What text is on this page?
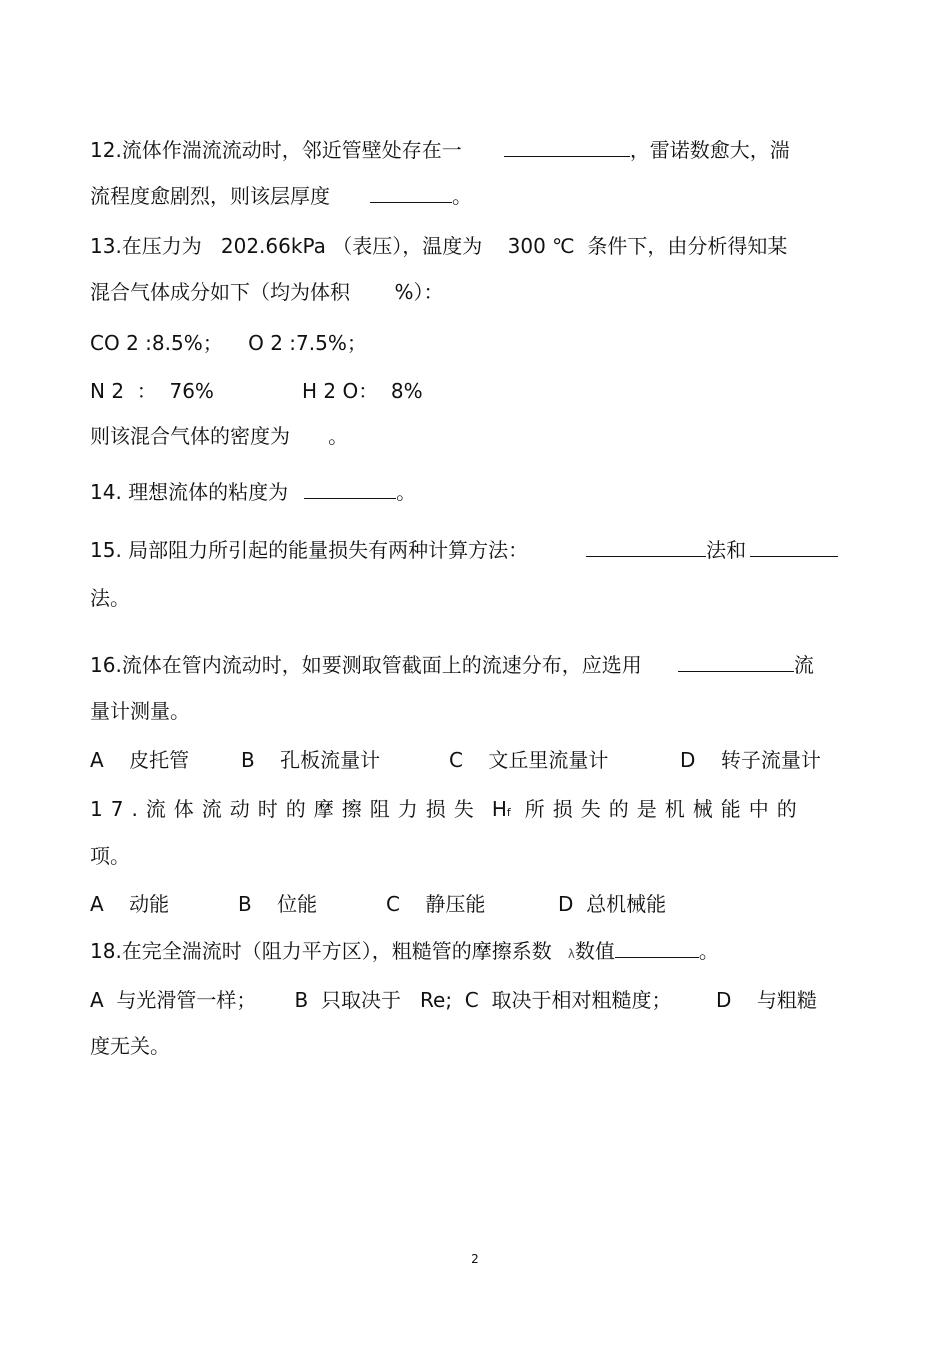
12.流体作湍流流动时，邻近管壁处存在一	，雷诺数愈大，湍
流程度愈剧烈，则该层厚度	。
13.在压力为   202.66kPa （表压），温度为    300 ℃  条件下，由分析得知某
混合气体成分如下（均为体积       %）：
CO 2 :8.5%；    O 2 :7.5%；
N 2  ：  76%	H 2 O：  8%
则该混合气体的密度为      。
14. 理想流体的粘度为	。
15. 局部阻力所引起的能量损失有两种计算方法：	法和
法。
16.流体在管内流动时，如要测取管截面上的流速分布，应选用	流
量计测量。
A    皮托管	B    孔板流量计	C    文丘里流量计	D    转子流量计
17.流体流动时的摩擦阻力损失 Hf 所损失的是机械能中的
项。
A    动能	B    位能	C    静压能	D  总机械能
18.在完全湍流时（阻力平方区），粗糙管的摩擦系数 λ数值	。
A  与光滑管一样；      B  只取决于   Re;  C  取决于相对粗糙度；       D    与粗糙
度无关。
2
